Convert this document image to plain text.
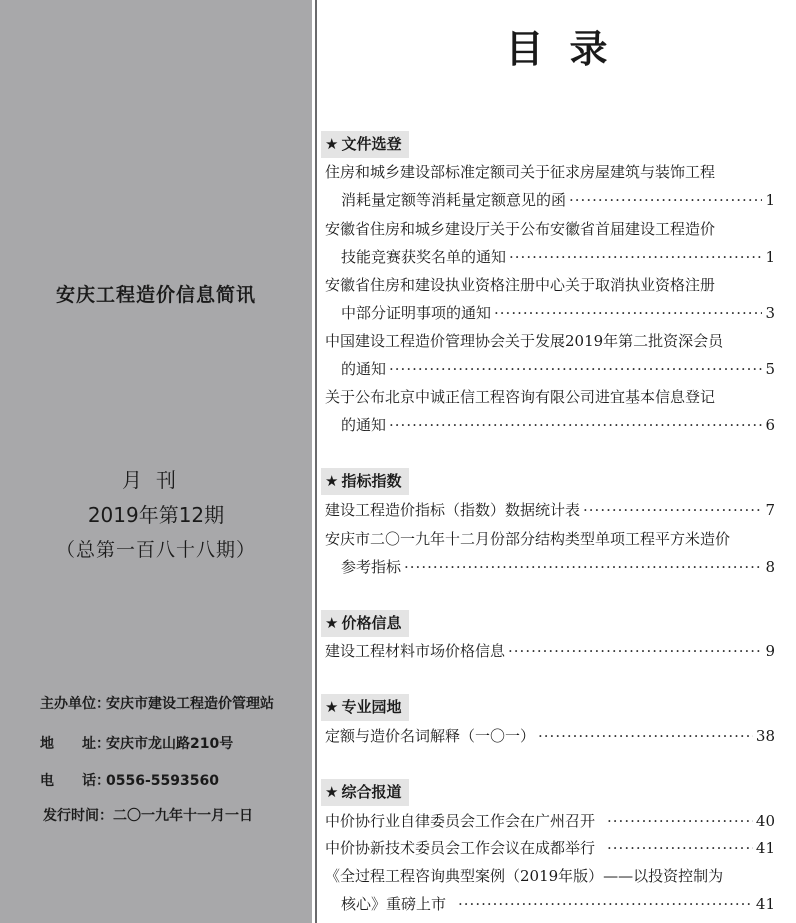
安庆工程造价信息简讯
月刊
2019年第12期
（总第一百八十八期）
主办单位：安庆市建设工程造价管理站
地　　址：安庆市龙山路210号
电　　话：0556-5593560
发行时间：二〇一九年十一月一日
目录
★ 文件选登
住房和城乡建设部标准定额司关于征求房屋建筑与装饰工程
消耗量定额等消耗量定额意见的函 ·····	1
安徽省住房和城乡建设厅关于公布安徽省首届建设工程造价
技能竞赛获奖名单的通知 ·····	1
安徽省住房和建设执业资格注册中心关于取消执业资格注册
中部分证明事项的通知 ·····	3
中国建设工程造价管理协会关于发展2019年第二批资深会员
的通知 ·····	5
关于公布北京中诚正信工程咨询有限公司进宜基本信息登记
的通知 ·····	6
★ 指标指数
建设工程造价指标（指数）数据统计表 ·····	7
安庆市二〇一九年十二月份部分结构类型单项工程平方米造价
参考指标 ·····	8
★ 价格信息
建设工程材料市场价格信息 ·····	9
★ 专业园地
定额与造价名词解释（一〇一） ·····	38
★ 综合报道
中价协行业自律委员会工作会在广州召开 ·····	40
中价协新技术委员会工作会议在成都举行 ·····	41
《全过程工程咨询典型案例（2019年版）——以投资控制为
核心》重磅上市 ·····	41
